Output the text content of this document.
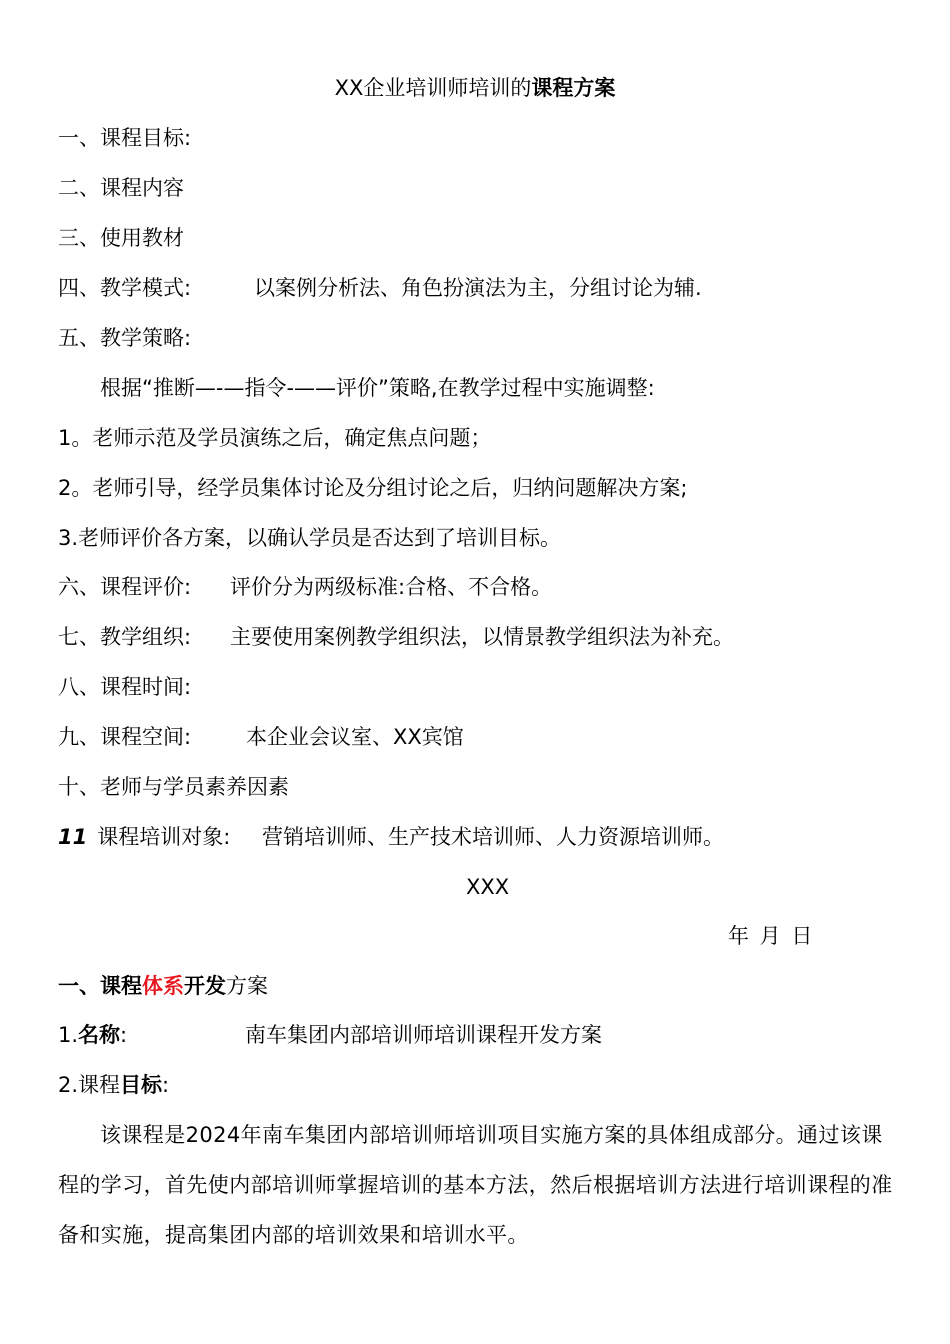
XX企业培训师培训的课程方案
一、课程目标:
二、课程内容
三、使用教材
四、教学模式:	以案例分析法、角色扮演法为主，分组讨论为辅.
五、教学策略:
根据“推断—-—指令-——评价”策略,在教学过程中实施调整:
1。老师示范及学员演练之后，确定焦点问题；
2。老师引导，经学员集体讨论及分组讨论之后，归纳问题解决方案;
3.老师评价各方案，以确认学员是否达到了培训目标。
六、课程评价: 评价分为两级标准:合格、不合格。
七、教学组织: 主要使用案例教学组织法，以情景教学组织法为补充。
八、课程时间:
九、课程空间:	本企业会议室、XX宾馆
十、老师与学员素养因素
11 课程培训对象: 营销培训师、生产技术培训师、人力资源培训师。
XXX
年 月 日
一、课程体系开发方案
1.名称:	南车集团内部培训师培训课程开发方案
2.课程目标:
该课程是2024年南车集团内部培训师培训项目实施方案的具体组成部分。通过该课程的学习，首先使内部培训师掌握培训的基本方法，然后根据培训方法进行培训课程的准备和实施，提高集团内部的培训效果和培训水平。
